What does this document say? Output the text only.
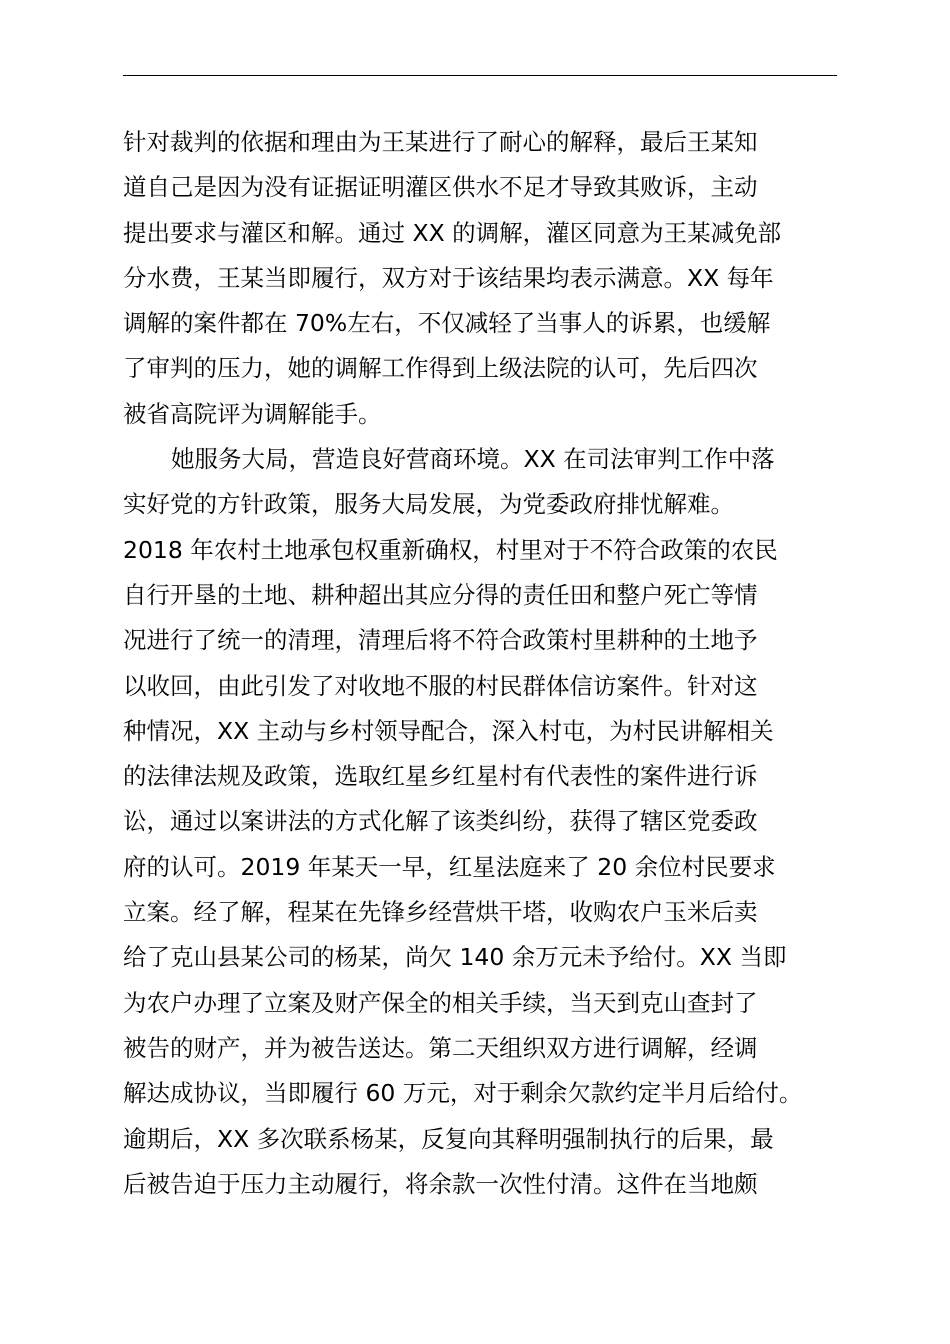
针对裁判的依据和理由为王某进行了耐心的解释，最后王某知
道自己是因为没有证据证明灌区供水不足才导致其败诉，主动
提出要求与灌区和解。通过 XX 的调解，灌区同意为王某减免部
分水费，王某当即履行，双方对于该结果均表示满意。XX 每年
调解的案件都在 70%左右，不仅减轻了当事人的诉累，也缓解
了审判的压力，她的调解工作得到上级法院的认可，先后四次
被省高院评为调解能手。
她服务大局，营造良好营商环境。XX 在司法审判工作中落
实好党的方针政策，服务大局发展，为党委政府排忧解难。
2018 年农村土地承包权重新确权，村里对于不符合政策的农民
自行开垦的土地、耕种超出其应分得的责任田和整户死亡等情
况进行了统一的清理，清理后将不符合政策村里耕种的土地予
以收回，由此引发了对收地不服的村民群体信访案件。针对这
种情况，XX 主动与乡村领导配合，深入村屯，为村民讲解相关
的法律法规及政策，选取红星乡红星村有代表性的案件进行诉
讼，通过以案讲法的方式化解了该类纠纷，获得了辖区党委政
府的认可。2019 年某天一早，红星法庭来了 20 余位村民要求
立案。经了解，程某在先锋乡经营烘干塔，收购农户玉米后卖
给了克山县某公司的杨某，尚欠 140 余万元未予给付。XX 当即
为农户办理了立案及财产保全的相关手续，当天到克山查封了
被告的财产，并为被告送达。第二天组织双方进行调解，经调
解达成协议，当即履行 60 万元，对于剩余欠款约定半月后给付。
逾期后，XX 多次联系杨某，反复向其释明强制执行的后果，最
后被告迫于压力主动履行，将余款一次性付清。这件在当地颇
